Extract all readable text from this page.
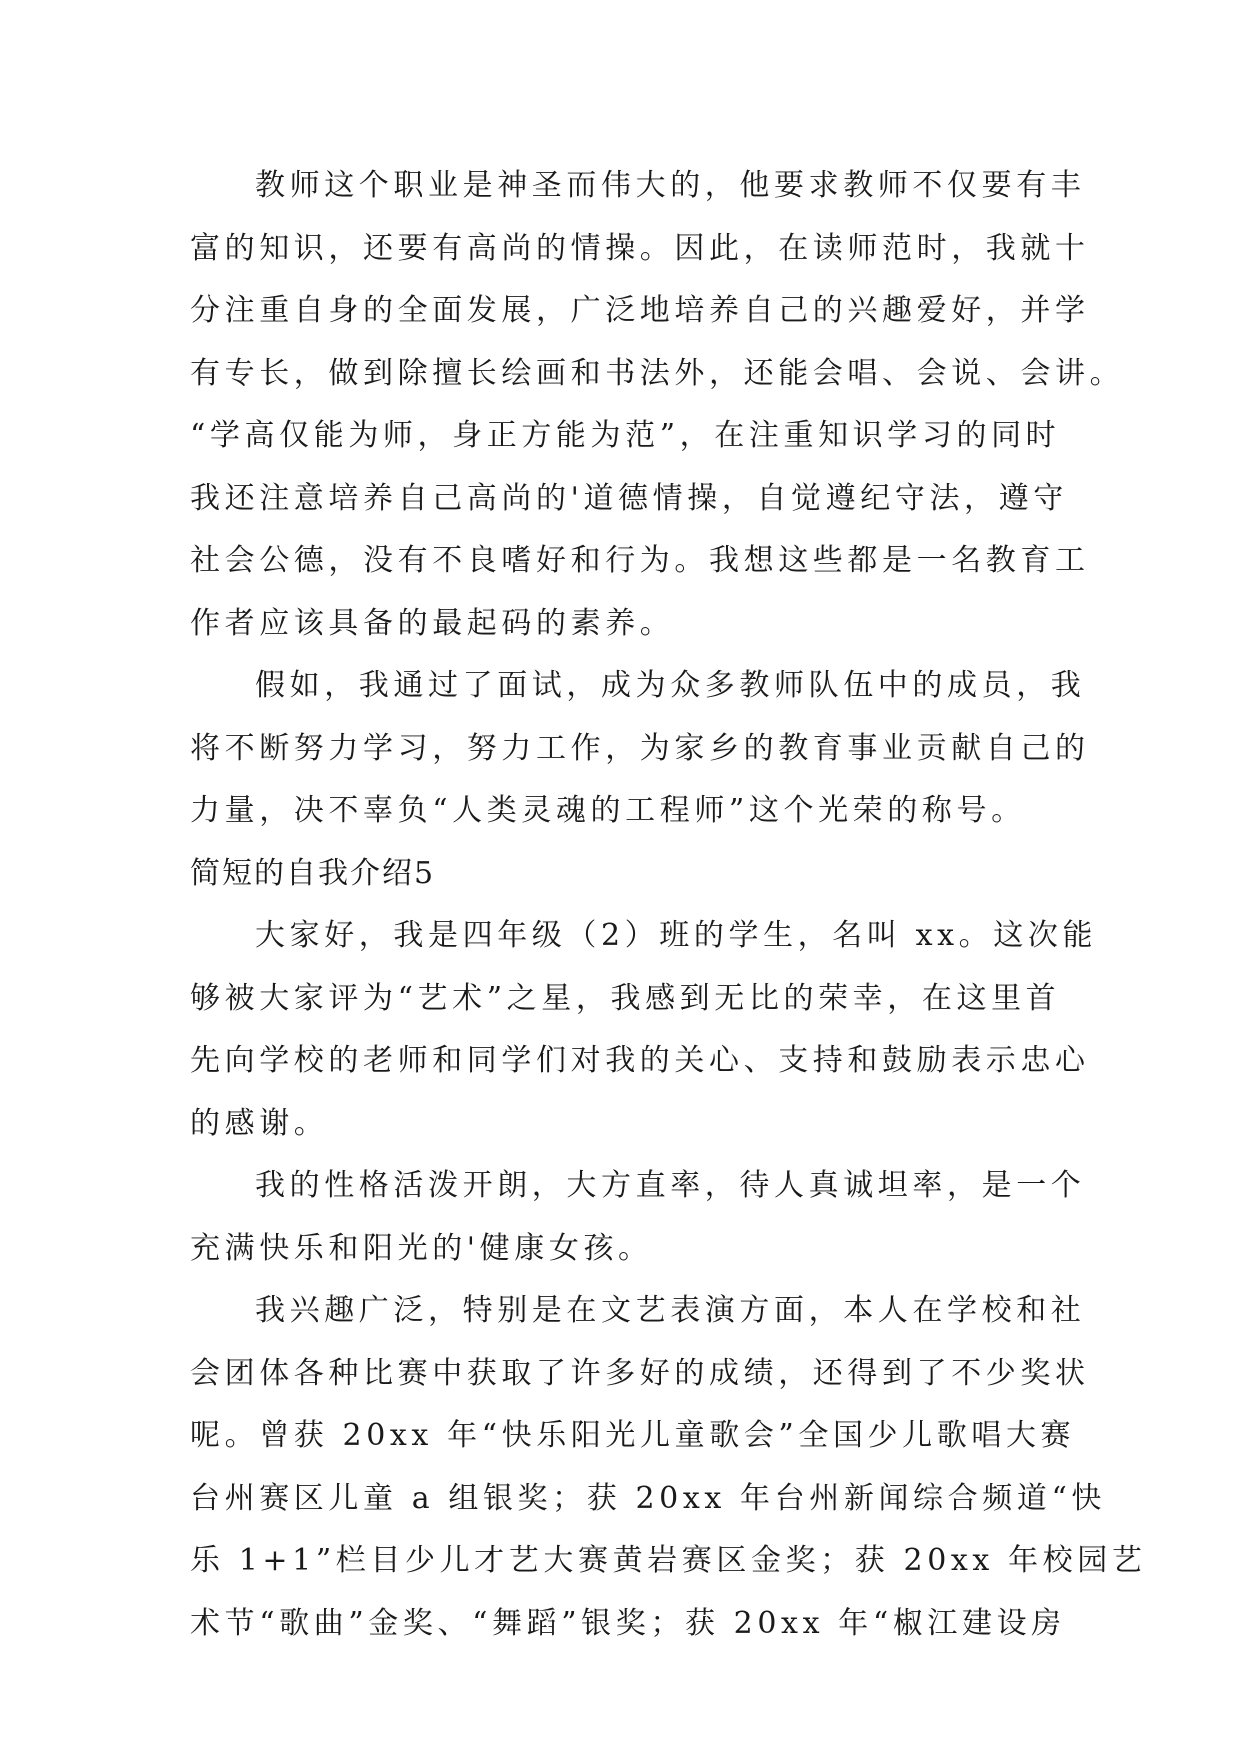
教师这个职业是神圣而伟大的，他要求教师不仅要有丰
富的知识，还要有高尚的情操。因此，在读师范时，我就十
分注重自身的全面发展，广泛地培养自己的兴趣爱好，并学
有专长，做到除擅长绘画和书法外，还能会唱、会说、会讲。
“学高仅能为师，身正方能为范”，在注重知识学习的同时
我还注意培养自己高尚的'道德情操，自觉遵纪守法，遵守
社会公德，没有不良嗜好和行为。我想这些都是一名教育工
作者应该具备的最起码的素养。
假如，我通过了面试，成为众多教师队伍中的成员，我
将不断努力学习，努力工作，为家乡的教育事业贡献自己的
力量，决不辜负“人类灵魂的工程师”这个光荣的称号。
简短的自我介绍5
大家好，我是四年级（2）班的学生，名叫 xx。这次能
够被大家评为“艺术”之星，我感到无比的荣幸，在这里首
先向学校的老师和同学们对我的关心、支持和鼓励表示忠心
的感谢。
我的性格活泼开朗，大方直率，待人真诚坦率，是一个
充满快乐和阳光的'健康女孩。
我兴趣广泛，特别是在文艺表演方面，本人在学校和社
会团体各种比赛中获取了许多好的成绩，还得到了不少奖状
呢。曾获 20xx 年“快乐阳光儿童歌会”全国少儿歌唱大赛
台州赛区儿童 a 组银奖；获 20xx 年台州新闻综合频道“快
乐 1+1”栏目少儿才艺大赛黄岩赛区金奖；获 20xx 年校园艺
术节“歌曲”金奖、“舞蹈”银奖；获 20xx 年“椒江建设房
